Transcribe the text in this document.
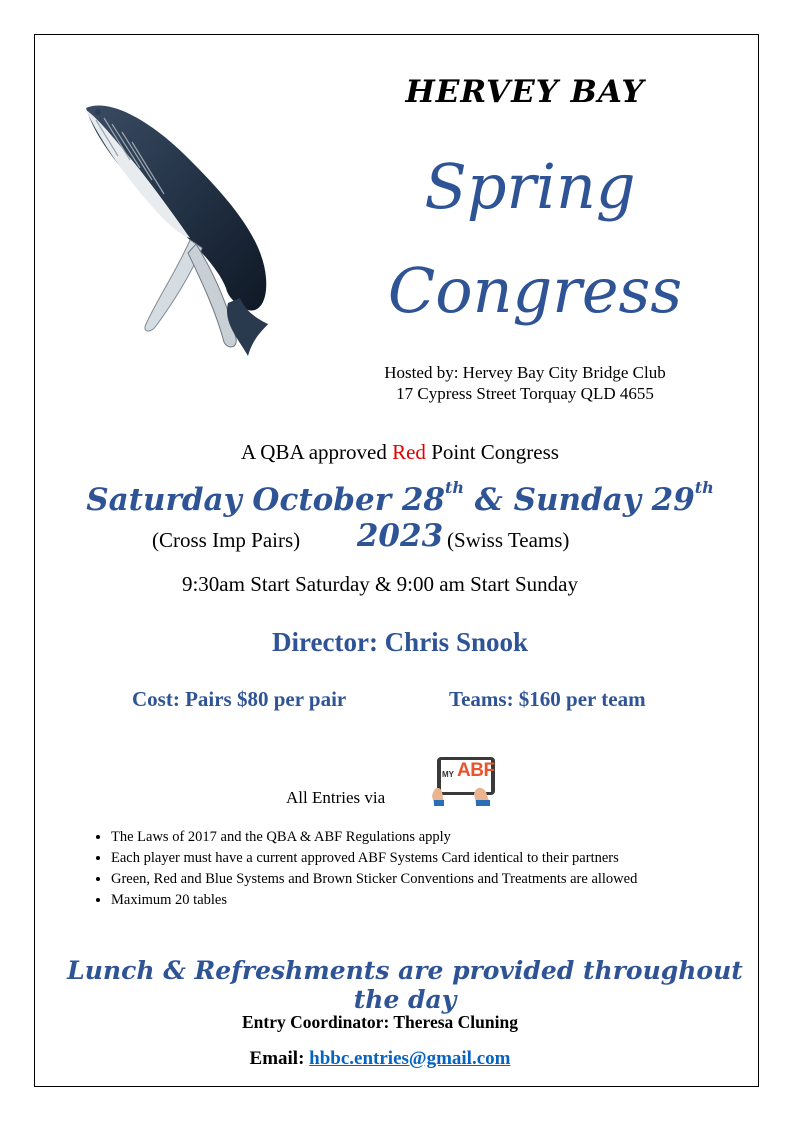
HERVEY BAY
Spring
Congress
Hosted by: Hervey Bay City Bridge Club
17 Cypress Street Torquay QLD 4655
A QBA approved Red Point Congress
Saturday October 28th & Sunday 29th 2023
(Cross Imp Pairs)	(Swiss Teams)
9:30am Start Saturday & 9:00 am Start Sunday
Director: Chris Snook
Cost: Pairs $80 per pair	Teams: $160 per team
All Entries via
MY ABF
• The Laws of 2017 and the QBA & ABF Regulations apply
• Each player must have a current approved ABF Systems Card identical to their partners
• Green, Red and Blue Systems and Brown Sticker Conventions and Treatments are allowed
• Maximum 20 tables
Lunch & Refreshments are provided throughout the day
Entry Coordinator: Theresa Cluning
Email: hbbc.entries@gmail.com
